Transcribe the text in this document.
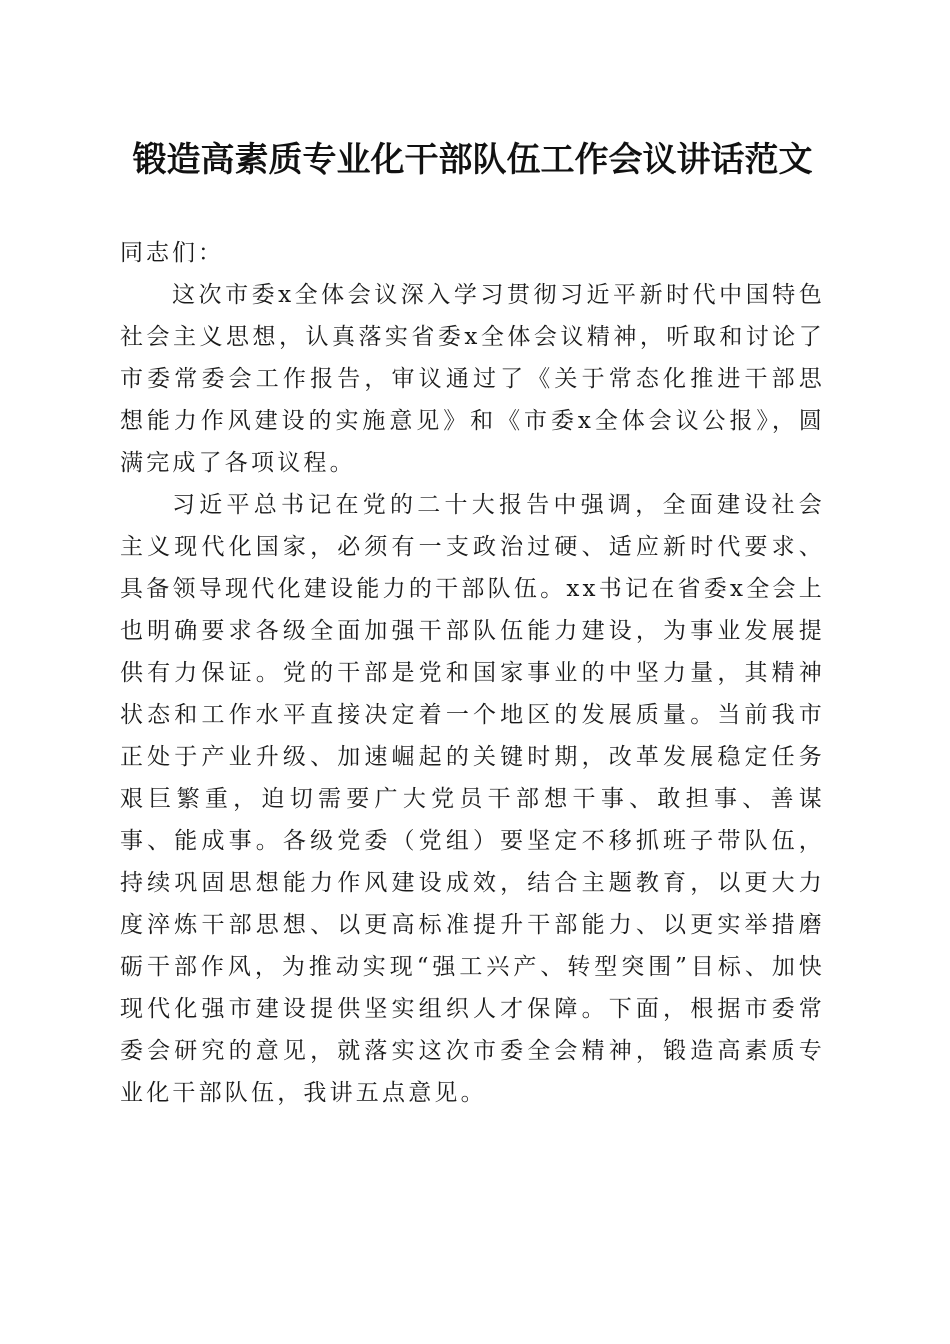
锻造高素质专业化干部队伍工作会议讲话范文

同志们：

这次市委x全体会议深入学习贯彻习近平新时代中国特色社会主义思想，认真落实省委x全体会议精神，听取和讨论了市委常委会工作报告，审议通过了《关于常态化推进干部思想能力作风建设的实施意见》和《市委x全体会议公报》，圆满完成了各项议程。

习近平总书记在党的二十大报告中强调，全面建设社会主义现代化国家，必须有一支政治过硬、适应新时代要求、具备领导现代化建设能力的干部队伍。xx书记在省委x全会上也明确要求各级全面加强干部队伍能力建设，为事业发展提供有力保证。党的干部是党和国家事业的中坚力量，其精神状态和工作水平直接决定着一个地区的发展质量。当前我市正处于产业升级、加速崛起的关键时期，改革发展稳定任务艰巨繁重，迫切需要广大党员干部想干事、敢担事、善谋事、能成事。各级党委（党组）要坚定不移抓班子带队伍，持续巩固思想能力作风建设成效，结合主题教育，以更大力度淬炼干部思想、以更高标准提升干部能力、以更实举措磨砺干部作风，为推动实现“强工兴产、转型突围”目标、加快现代化强市建设提供坚实组织人才保障。下面，根据市委常委会研究的意见，就落实这次市委全会精神，锻造高素质专业化干部队伍，我讲五点意见。
